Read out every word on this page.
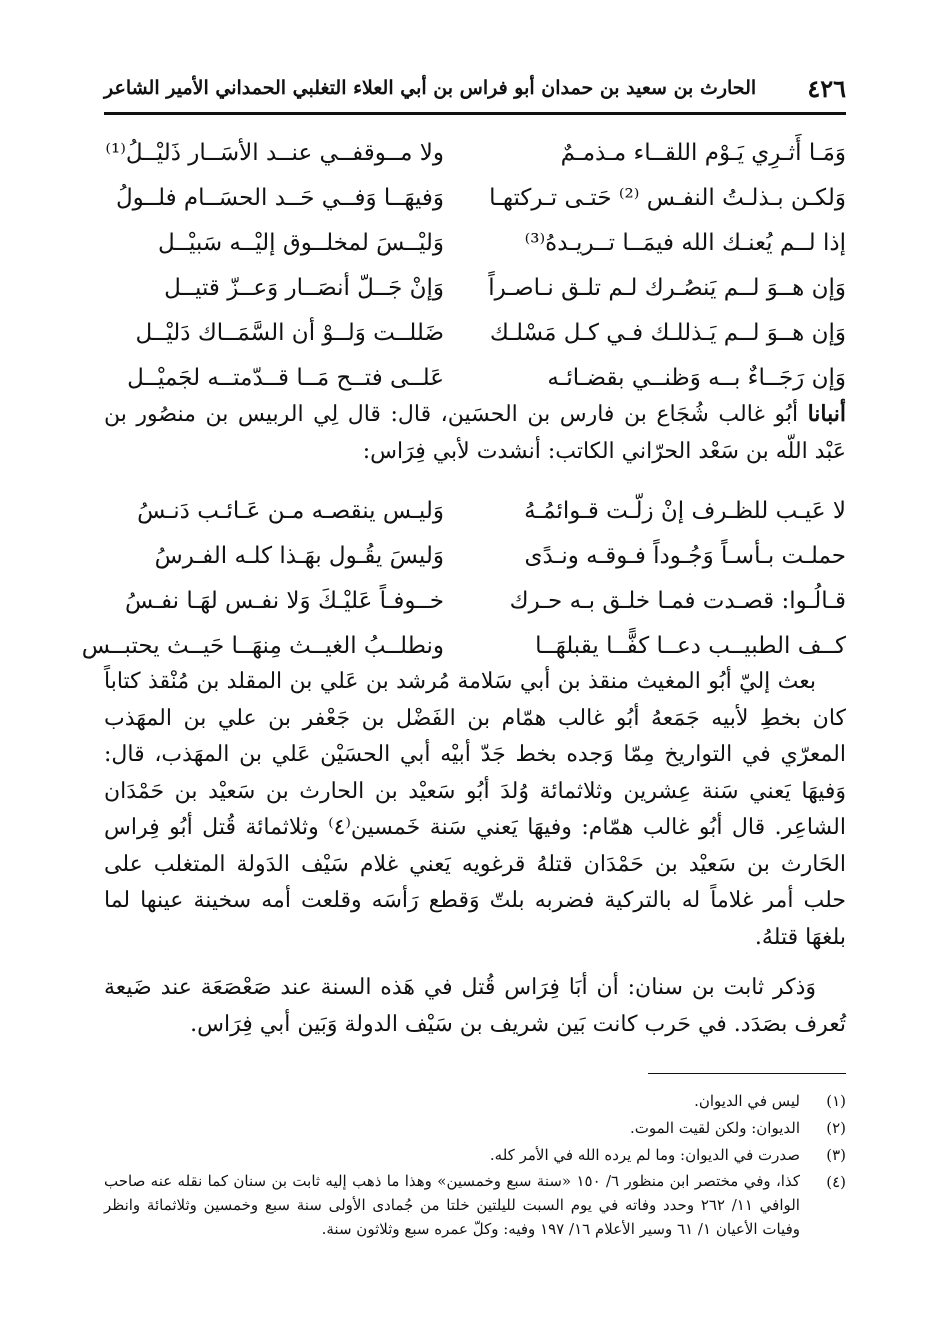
٤٢٦
الحارث بن سعيد بن حمدان أبو فراس بن أبي العلاء التغلبي الحمداني الأمير الشاعر
وَمَـا أَثـرِي يَـوْم اللقــاء مـذمـمٌ
ولا مــوقفــي عنــد الأسَــار ذَليْــلُ⁽¹⁾
وَلكـن بـذلـتُ النفـس ⁽²⁾ حَتـى تـركتهـا
وَفيهَــا وَفــي حَــد الحسَــام فلــولُ
إذا لــم يُعنـك الله فيمَــا تــريـدهُ⁽³⁾
وَليْــسَ لمخلــوق إليْــه سَبيْــل
وَإن هــوَ لــم يَنصُـرك لـم تلـق نـاصـراً
وَإنْ جَــلّ أنصَــار وَعــزّ قتيــل
وَإن هــوَ لــم يَـذللـك فـي كـل مَسْلـك
ضَللــت وَلــوْ أن السَّمَــاك دَليْــل
وَإن رَجَــاءٌ بــه وَظنــي بقضـائـه
عَلــى فتــح مَــا قــدّمتــه لجَميْــل
أنبانا أبُو غالب شُجَاع بن فارس بن الحسَين، قال: قال لِي الربيس بن منصُور بن عَبْد اللّه بن سَعْد الحرّاني الكاتب: أنشدت لأبي فِرَاس:
لا عَيـب للظـرف إنْ زلّـت قـوائمُـهُ
وَليـس ينقصـه مـن عَـائـب دَنـسُ
حملـت بـأسـاً وَجُـوداً فـوقـه ونـدًى
وَليسَ يقُـول بهَـذا كلـه الفـرسُ
قـالُـوا: قصـدت فمـا خلـق بـه حـرك
خــوفـاً عَليْـكَ وَلا نفـس لهَـا نفـسُ
كــف الطبيــب دعــا كفًّــا يقبلهَــا
ونطلــبُ الغيــث مِنهَــا حَيــث يحتبــس
بعث إليّ أبُو المغيث منقذ بن أبي سَلامة مُرشد بن عَلي بن المقلد بن مُنْقذ كتاباً كان بخطِ لأبيه جَمَعهُ أبُو غالب همّام بن الفَضْل بن جَعْفر بن علي بن المهَذب المعرّي في التواريخ مِمّا وَجده بخط جَدّ أبيْه أبي الحسَيْن عَلي بن المهَذب، قال: وَفيهَا يَعني سَنة عِشرين وثلاثمائة وُلدَ أبُو سَعيْد بن الحارث بن سَعيْد بن حَمْدَان الشاعِر. قال أبُو غالب همّام: وفيهَا يَعني سَنة خَمسين⁽٤⁾ وثلاثمائة قُتل أبُو فِراس الحَارث بن سَعيْد بن حَمْدَان قتلهُ قرغويه يَعني غلام سَيْف الدَولة المتغلب على حلب أمر غلاماً له بالتركية فضربه بلتّ وَقطع رَأسَه وقلعت أمه سخينة عينها لما بلغهَا قتلهُ.
وَذكر ثابت بن سنان: أن أبَا فِرَاس قُتل في هَذه السنة عند صَعْصَعَة عند ضَيعة تُعرف بصَدَد. في حَرب كانت بَين شريف بن سَيْف الدولة وَبَين أبي فِرَاس.
(١)
ليس في الديوان.
(٢)
الديوان: ولكن لقيت الموت.
(٣)
صدرت في الديوان: وما لم يرده الله في الأمر كله.
(٤)
كذا، وفي مختصر ابن منظور ٦/ ١٥٠ «سنة سبع وخمسين» وهذا ما ذهب إليه ثابت بن سنان كما نقله عنه صاحب الوافي ١١/ ٢٦٢ وحدد وفاته في يوم السبت لليلتين خلتا من جُمادى الأولى سنة سبع وخمسين وثلاثمائة وانظر وفيات الأعيان ١/ ٦١ وسير الأعلام ١٦/ ١٩٧ وفيه: وكلّ عمره سبع وثلاثون سنة.
